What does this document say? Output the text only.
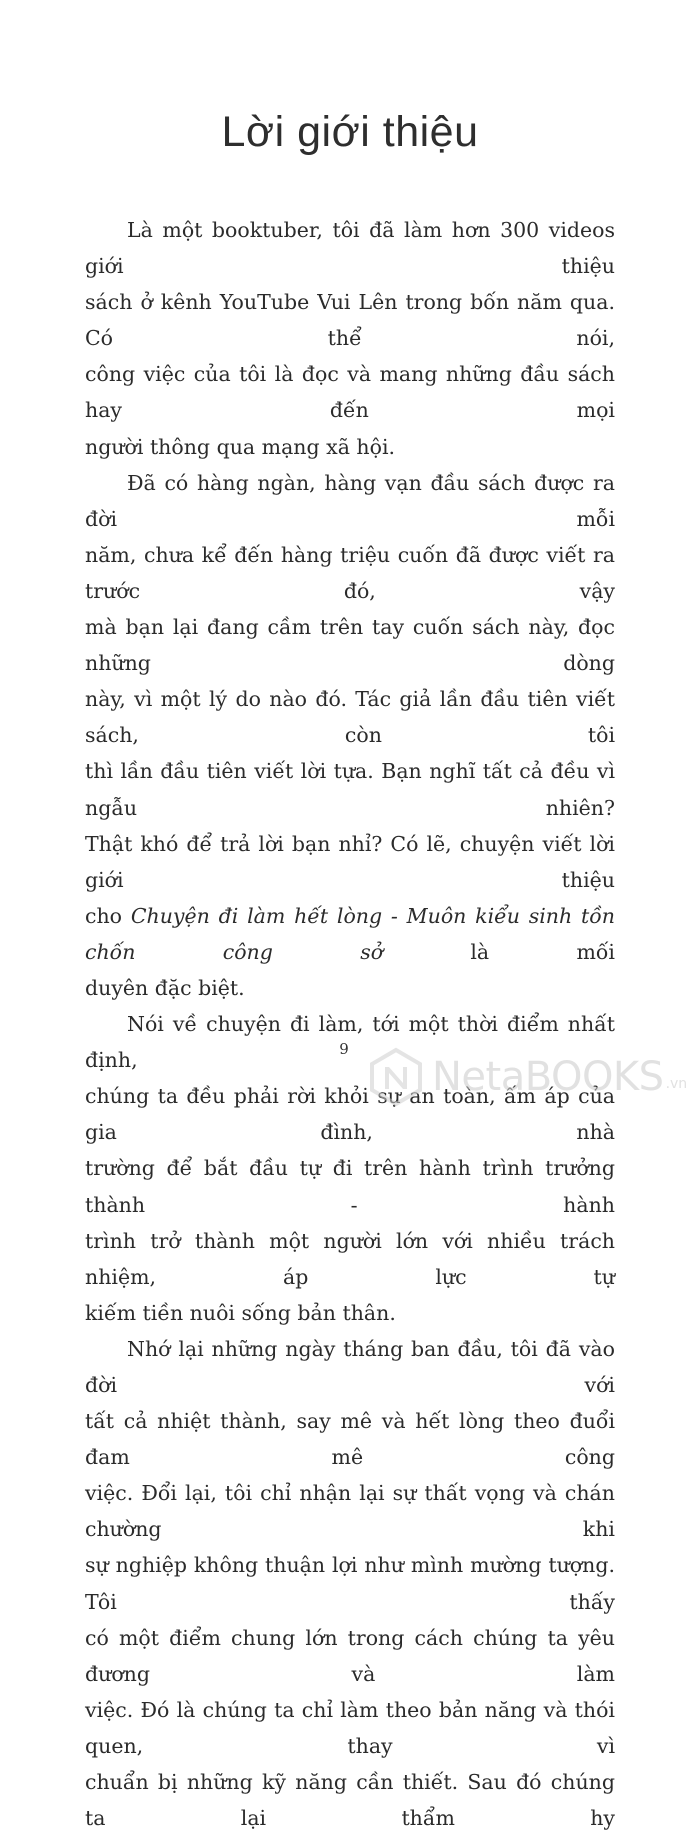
Lời giới thiệu

Là một booktuber, tôi đã làm hơn 300 videos giới thiệu
sách ở kênh YouTube Vui Lên trong bốn năm qua. Có thể nói,
công việc của tôi là đọc và mang những đầu sách hay đến mọi
người thông qua mạng xã hội.

Đã có hàng ngàn, hàng vạn đầu sách được ra đời mỗi
năm, chưa kể đến hàng triệu cuốn đã được viết ra trước đó, vậy
mà bạn lại đang cầm trên tay cuốn sách này, đọc những dòng
này, vì một lý do nào đó. Tác giả lần đầu tiên viết sách, còn tôi
thì lần đầu tiên viết lời tựa. Bạn nghĩ tất cả đều vì ngẫu nhiên?
Thật khó để trả lời bạn nhỉ? Có lẽ, chuyện viết lời giới thiệu
cho Chuyện đi làm hết lòng - Muôn kiểu sinh tồn chốn công sở là mối
duyên đặc biệt.

Nói về chuyện đi làm, tới một thời điểm nhất định,
chúng ta đều phải rời khỏi sự an toàn, ấm áp của gia đình, nhà
trường để bắt đầu tự đi trên hành trình trưởng thành - hành
trình trở thành một người lớn với nhiều trách nhiệm, áp lực tự
kiếm tiền nuôi sống bản thân.

Nhớ lại những ngày tháng ban đầu, tôi đã vào đời với
tất cả nhiệt thành, say mê và hết lòng theo đuổi đam mê công
việc. Đổi lại, tôi chỉ nhận lại sự thất vọng và chán chường khi
sự nghiệp không thuận lợi như mình mường tượng. Tôi thấy
có một điểm chung lớn trong cách chúng ta yêu đương và làm
việc. Đó là chúng ta chỉ làm theo bản năng và thói quen, thay vì
chuẩn bị những kỹ năng cần thiết. Sau đó chúng ta lại thẩm hy

9
NetaBOOKS .vn
